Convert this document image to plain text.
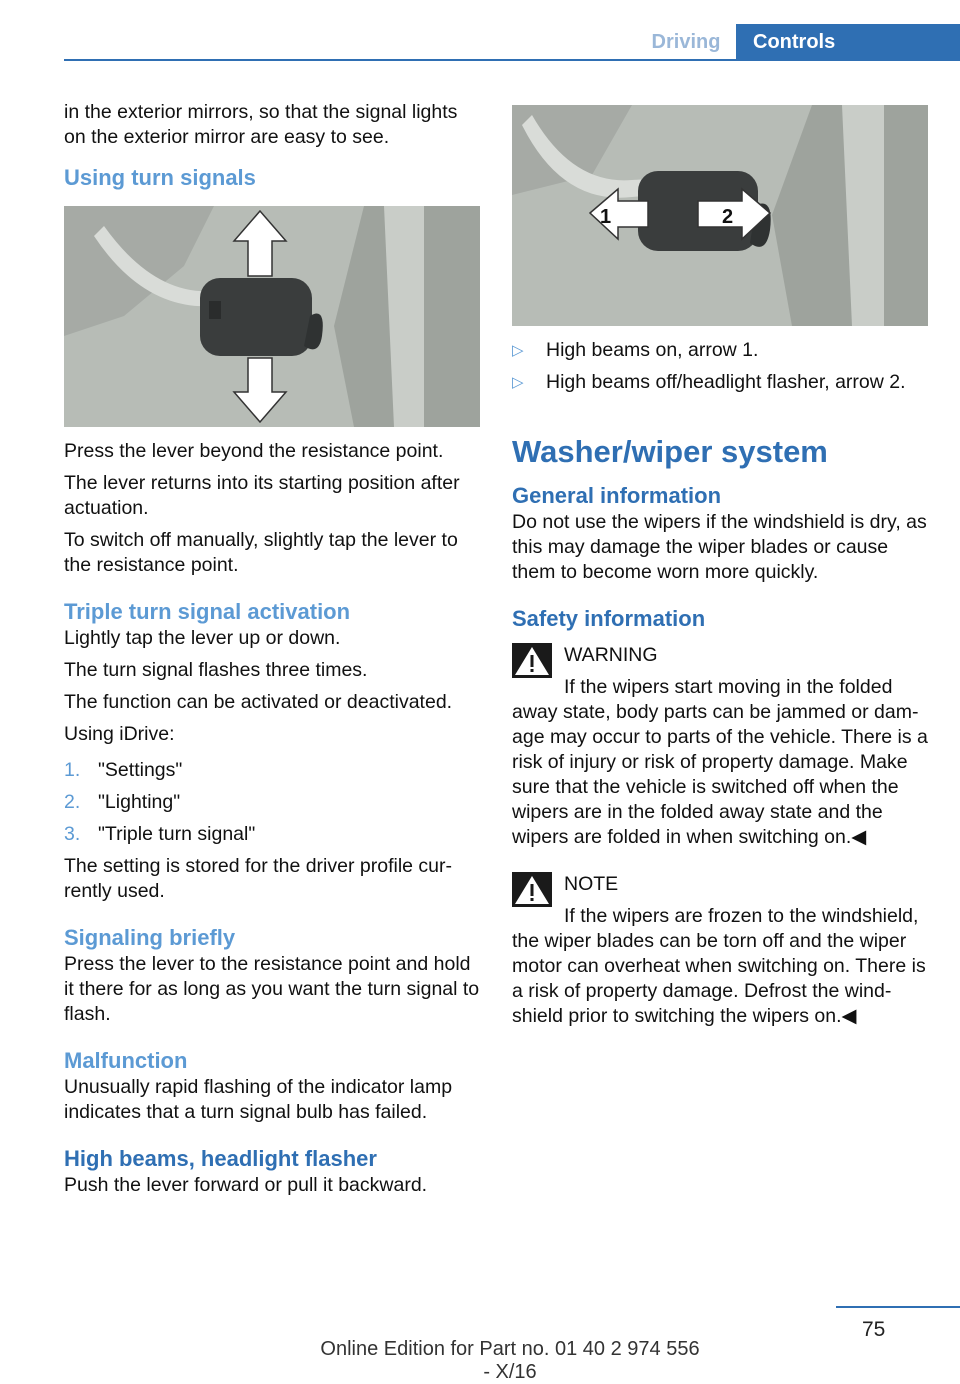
Driving	Controls

in the exterior mirrors, so that the signal lights on the exterior mirror are easy to see.

Using turn signals

Press the lever beyond the resistance point.

The lever returns into its starting position after actuation.

To switch off manually, slightly tap the lever to the resistance point.

Triple turn signal activation

Lightly tap the lever up or down.

The turn signal flashes three times.

The function can be activated or deactivated.

Using iDrive:

1. "Settings"
2. "Lighting"
3. "Triple turn signal"

The setting is stored for the driver profile cur-rently used.

Signaling briefly

Press the lever to the resistance point and hold it there for as long as you want the turn signal to flash.

Malfunction

Unusually rapid flashing of the indicator lamp indicates that a turn signal bulb has failed.

High beams, headlight flasher

Push the lever forward or pull it backward.

1	2
▷	High beams on, arrow 1.
▷	High beams off/headlight flasher, arrow 2.
Washer/wiper system
General information

Do not use the wipers if the windshield is dry, as this may damage the wiper blades or cause them to become worn more quickly.

Safety information
WARNING
If the wipers start moving in the folded away state, body parts can be jammed or dam-age may occur to parts of the vehicle. There is a risk of injury or risk of property damage. Make sure that the vehicle is switched off when the wipers are in the folded away state and the wipers are folded in when switching on.◀
NOTE
If the wipers are frozen to the windshield, the wiper blades can be torn off and the wiper motor can overheat when switching on. There is a risk of property damage. Defrost the wind-shield prior to switching the wipers on.◀
75
Online Edition for Part no. 01 40 2 974 556 - X/16
